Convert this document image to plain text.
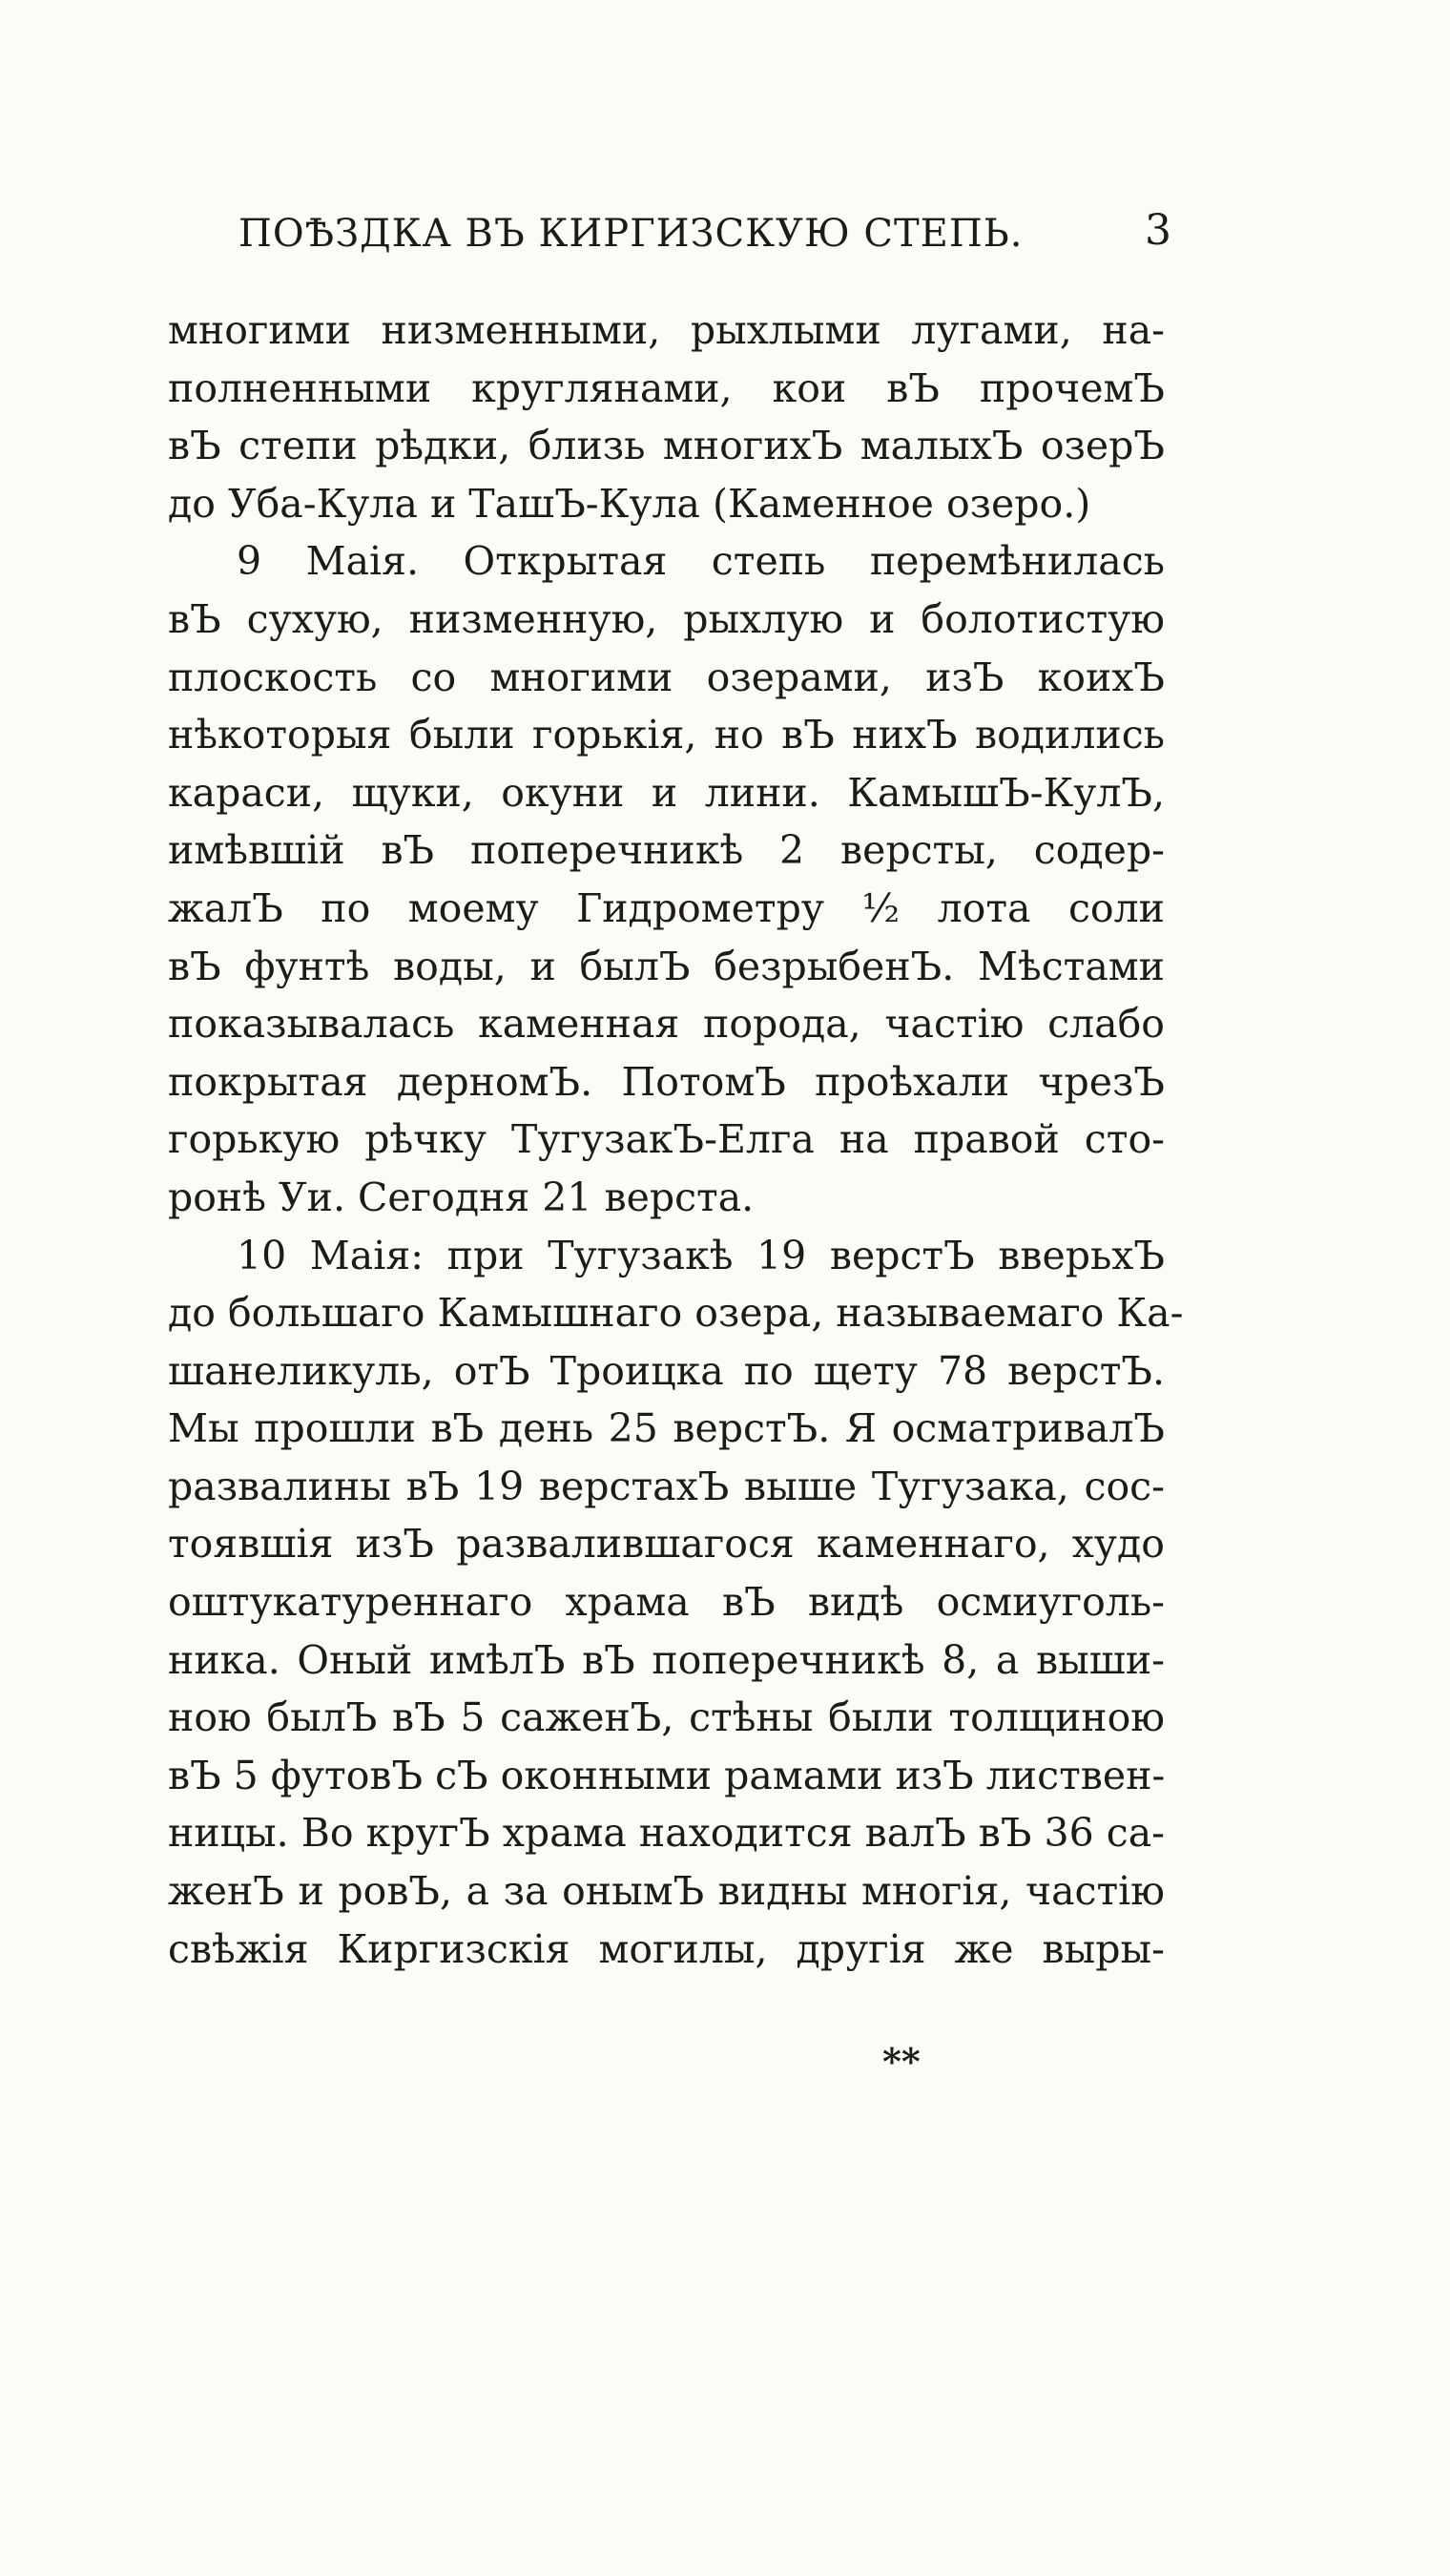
ПОѢЗДКА ВЪ КИРГИЗСКУЮ СТЕПЬ.	3
многими низменными, рыхлыми лугами, на-
полненными круглянами, кои вЪ прочемЪ
вЪ степи рѣдки, близь многихЪ малыхЪ озерЪ
до Уба-Кула и ТашЪ-Кула (Каменное озеро.)
9 Маія. Открытая степь перемѣнилась
вЪ сухую, низменную, рыхлую и болотистую
плоскость со многими озерами, изЪ коихЪ
нѣкоторыя были горькія, но вЪ нихЪ водились
караси, щуки, окуни и лини. КамышЪ-КулЪ,
имѣвшій вЪ поперечникѣ 2 версты, содер-
жалЪ по моему Гидрометру ½ лота соли
вЪ фунтѣ воды, и былЪ безрыбенЪ. Мѣстами
показывалась каменная порода, частію слабо
покрытая дерномЪ. ПотомЪ проѣхали чрезЪ
горькую рѣчку ТугузакЪ-Елга на правой сто-
ронѣ Уи. Сегодня 21 верста.
10 Маія: при Тугузакѣ 19 верстЪ вверьхЪ
до большаго Камышнаго озера, называемаго Ка-
шанеликуль, отЪ Троицка по щету 78 верстЪ.
Мы прошли вЪ день 25 верстЪ. Я осматривалЪ
развалины вЪ 19 верстахЪ выше Тугузака, сос-
тоявшія изЪ развалившагося каменнаго, худо
оштукатуреннаго храма вЪ видѣ осмиуголь-
ника. Оный имѣлЪ вЪ поперечникѣ 8, а выши-
ною былЪ вЪ 5 саженЪ, стѣны были толщиною
вЪ 5 футовЪ сЪ оконными рамами изЪ листвен-
ницы. Во кругЪ храма находится валЪ вЪ 36 са-
женЪ и ровЪ, а за онымЪ видны многія, частію
свѣжія Киргизскія могилы, другія же выры-
**
